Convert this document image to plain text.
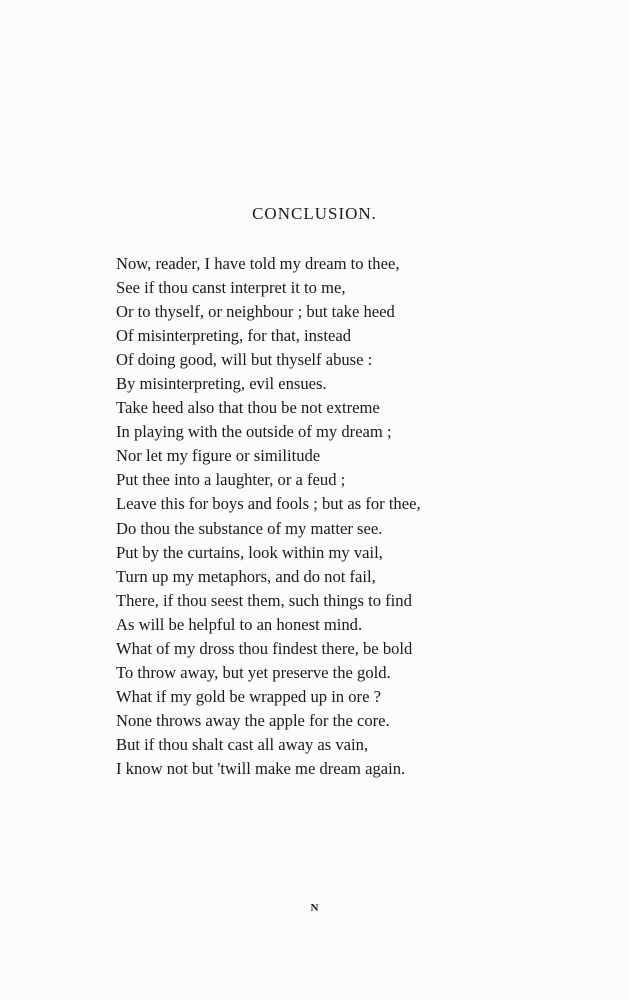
CONCLUSION.
Now, reader, I have told my dream to thee,
See if thou canst interpret it to me,
Or to thyself, or neighbour ; but take heed
Of misinterpreting, for that, instead
Of doing good, will but thyself abuse :
By misinterpreting, evil ensues.
Take heed also that thou be not extreme
In playing with the outside of my dream ;
Nor let my figure or similitude
Put thee into a laughter, or a feud ;
Leave this for boys and fools ; but as for thee,
Do thou the substance of my matter see.
Put by the curtains, look within my vail,
Turn up my metaphors, and do not fail,
There, if thou seest them, such things to find
As will be helpful to an honest mind.
What of my dross thou findest there, be bold
To throw away, but yet preserve the gold.
What if my gold be wrapped up in ore ?
None throws away the apple for the core.
But if thou shalt cast all away as vain,
I know not but 'twill make me dream again.
N
